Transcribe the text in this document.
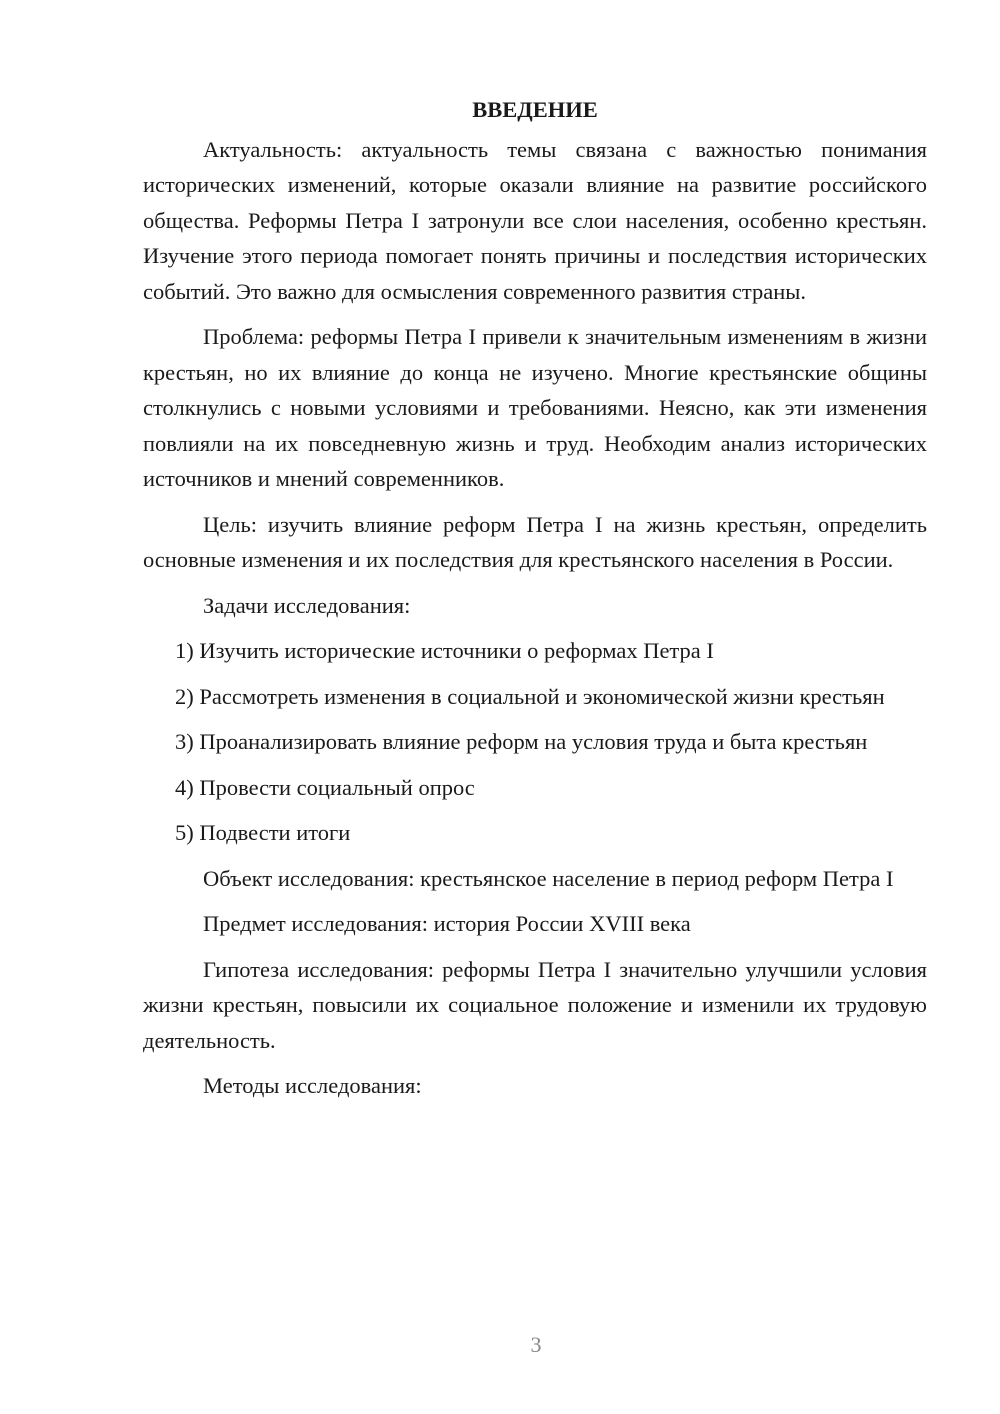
ВВЕДЕНИЕ

Актуальность: актуальность темы связана с важностью понимания исторических изменений, которые оказали влияние на развитие российского общества. Реформы Петра I затронули все слои населения, особенно крестьян. Изучение этого периода помогает понять причины и последствия исторических событий. Это важно для осмысления современного развития страны.

Проблема: реформы Петра I привели к значительным изменениям в жизни крестьян, но их влияние до конца не изучено. Многие крестьянские общины столкнулись с новыми условиями и требованиями. Неясно, как эти изменения повлияли на их повседневную жизнь и труд. Необходим анализ исторических источников и мнений современников.

Цель: изучить влияние реформ Петра I на жизнь крестьян, определить основные изменения и их последствия для крестьянского населения в России.

Задачи исследования:

1) Изучить исторические источники о реформах Петра I

2) Рассмотреть изменения в социальной и экономической жизни крестьян

3) Проанализировать влияние реформ на условия труда и быта крестьян

4) Провести социальный опрос

5) Подвести итоги

Объект исследования: крестьянское население в период реформ Петра I

Предмет исследования: история России XVIII века

Гипотеза исследования: реформы Петра I значительно улучшили условия жизни крестьян, повысили их социальное положение и изменили их трудовую деятельность.

Методы исследования:

3
